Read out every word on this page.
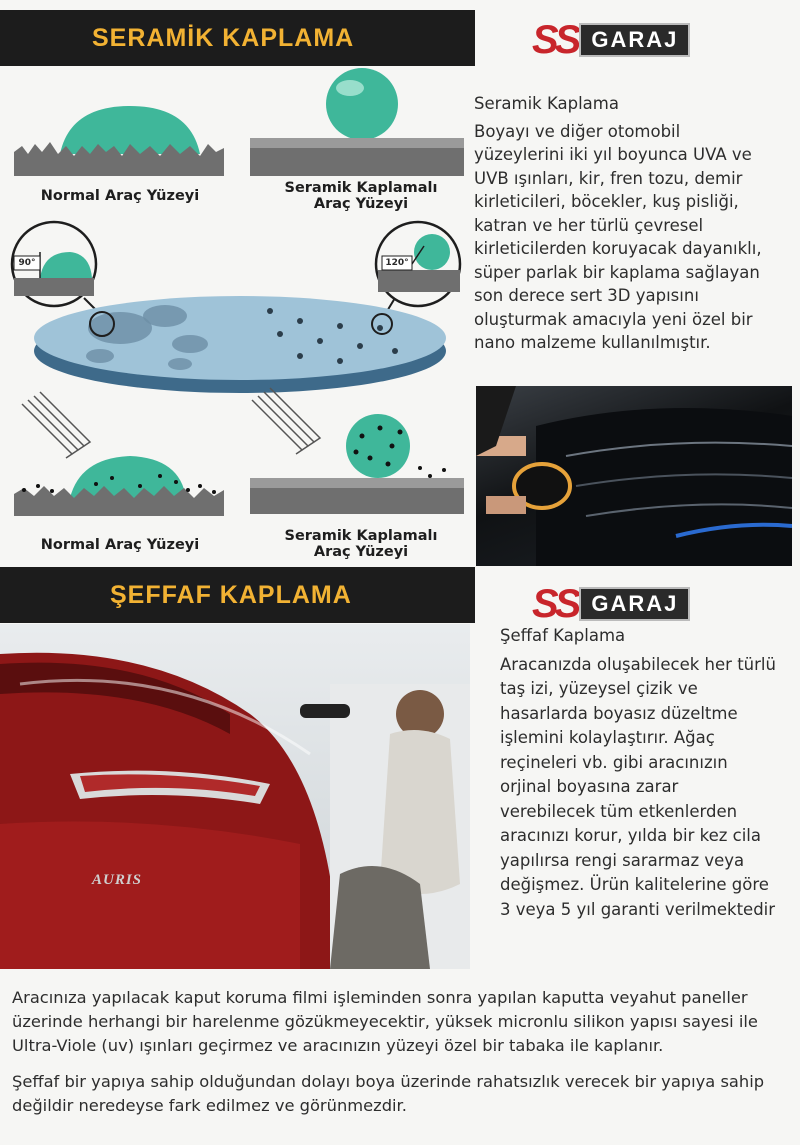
SERAMİK KAPLAMA	SS GARAJ
Normal Araç Yüzeyi	Seramik Kaplamalı Araç Yüzeyi
90°	120°
Normal Araç Yüzeyi
Seramik Kaplamalı Araç Yüzeyi
Seramik Kaplama
Boyayı ve diğer otomobil yüzeylerini iki yıl boyunca UVA ve UVB ışınları, kir, fren tozu, demir kirleticileri, böcekler, kuş pisliği, katran ve her türlü çevresel kirleticilerden koruyacak dayanıklı, süper parlak bir kaplama sağlayan son derece sert 3D yapısını oluşturmak amacıyla yeni özel bir nano malzeme kullanılmıştır.
ŞEFFAF KAPLAMA	SS GARAJ
AURIS
Şeffaf Kaplama
Aracanızda oluşabilecek her türlü taş izi, yüzeysel çizik ve hasarlarda boyasız düzeltme işlemini kolaylaştırır. Ağaç reçineleri vb. gibi aracınızın orjinal boyasına zarar verebilecek tüm etkenlerden aracınızı korur, yılda bir kez cila yapılırsa rengi sararmaz veya değişmez. Ürün kalitelerine göre 3 veya 5 yıl garanti verilmektedir

Aracınıza yapılacak kaput koruma filmi işleminden sonra yapılan kaputta veyahut paneller üzerinde herhangi bir harelenme gözükmeyecektir, yüksek micronlu silikon yapısı sayesi ile Ultra-Viole (uv) ışınları geçirmez ve aracınızın yüzeyi özel bir tabaka ile kaplanır.

Şeffaf bir yapıya sahip olduğundan dolayı boya üzerinde rahatsızlık verecek bir yapıya sahip değildir neredeyse fark edilmez ve görünmezdir.
